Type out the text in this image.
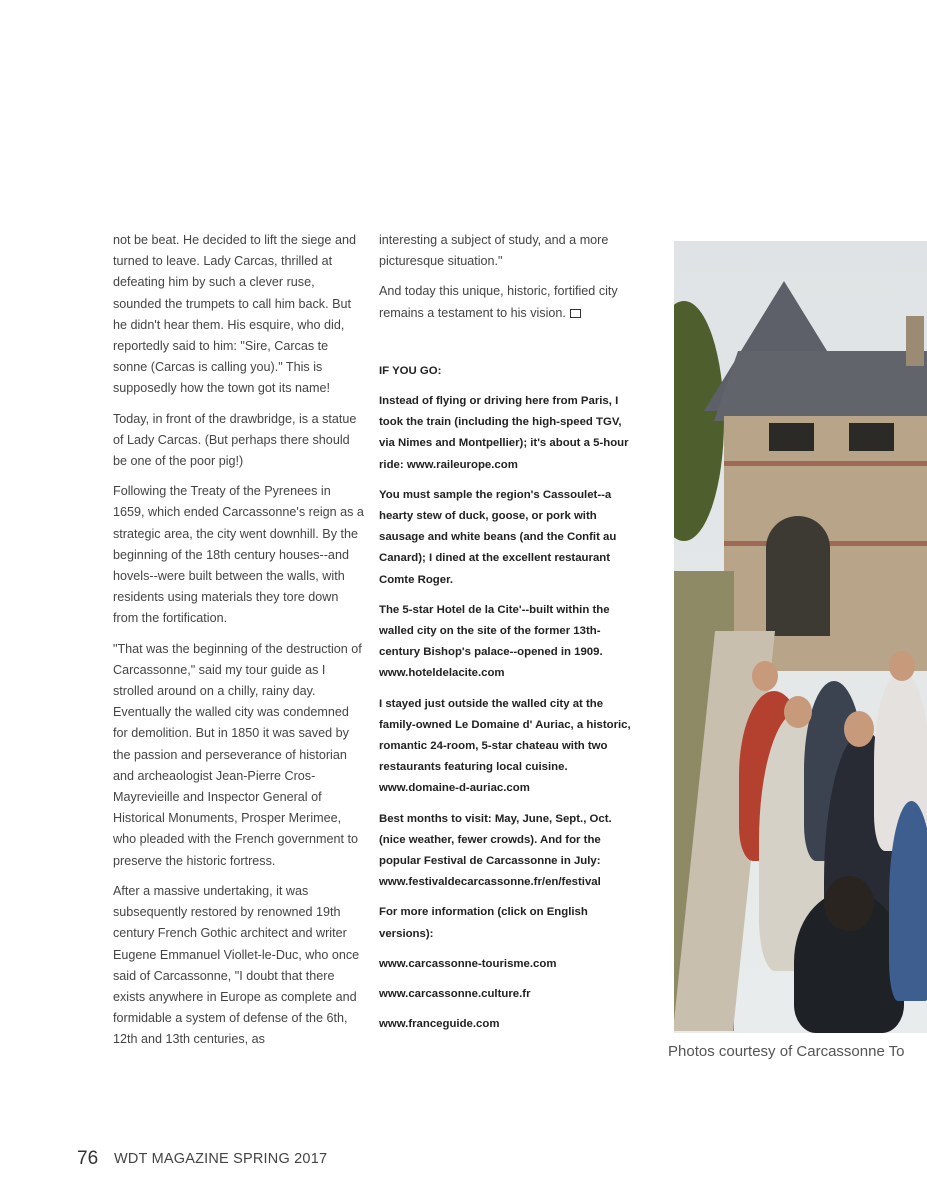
not be beat. He decided to lift the siege and turned to leave. Lady Carcas, thrilled at defeating him by such a clever ruse, sounded the trumpets to call him back. But he didn't hear them. His esquire, who did, reportedly said to him: "Sire, Carcas te sonne (Carcas is calling you)." This is supposedly how the town got its name!

Today, in front of the drawbridge, is a statue of Lady Carcas. (But perhaps there should be one of the poor pig!)

Following the Treaty of the Pyrenees in 1659, which ended Carcassonne's reign as a strategic area, the city went downhill. By the beginning of the 18th century houses--and hovels--were built between the walls, with residents using materials they tore down from the fortification.

"That was the beginning of the destruction of Carcassonne," said my tour guide as I strolled around on a chilly, rainy day. Eventually the walled city was condemned for demolition. But in 1850 it was saved by the passion and perseverance of historian and archeaologist Jean-Pierre Cros-Mayrevieille and Inspector General of Historical Monuments, Prosper Merimee, who pleaded with the French government to preserve the historic fortress.

After a massive undertaking, it was subsequently restored by renowned 19th century French Gothic architect and writer Eugene Emmanuel Viollet-le-Duc, who once said of Carcassonne, "I doubt that there exists anywhere in Europe as complete and formidable a system of defense of the 6th, 12th and 13th centuries, as

interesting a subject of study, and a more picturesque situation."

And today this unique, historic, fortified city remains a testament to his vision.

IF YOU GO:

Instead of flying or driving here from Paris, I took the train (including the high-speed TGV, via Nimes and Montpellier); it's about a 5-hour ride: www.raileurope.com

You must sample the region's Cassoulet--a hearty stew of duck, goose, or pork with sausage and white beans (and the Confit au Canard); I dined at the excellent restaurant Comte Roger.

The 5-star Hotel de la Cite'--built within the walled city on the site of the former 13th-century Bishop's palace--opened in 1909. www.hoteldelacite.com

I stayed just outside the walled city at the family-owned Le Domaine d' Auriac, a historic, romantic 24-room, 5-star chateau with two restaurants featuring local cuisine. www.domaine-d-auriac.com

Best months to visit: May, June, Sept., Oct. (nice weather, fewer crowds). And for the popular Festival de Carcassonne in July: www.festivaldecarcassonne.fr/en/festival

For more information (click on English versions):

www.carcassonne-tourisme.com

www.carcassonne.culture.fr

www.franceguide.com

Photos courtesy of Carcassonne To
76 WDT MAGAZINE SPRING 2017
